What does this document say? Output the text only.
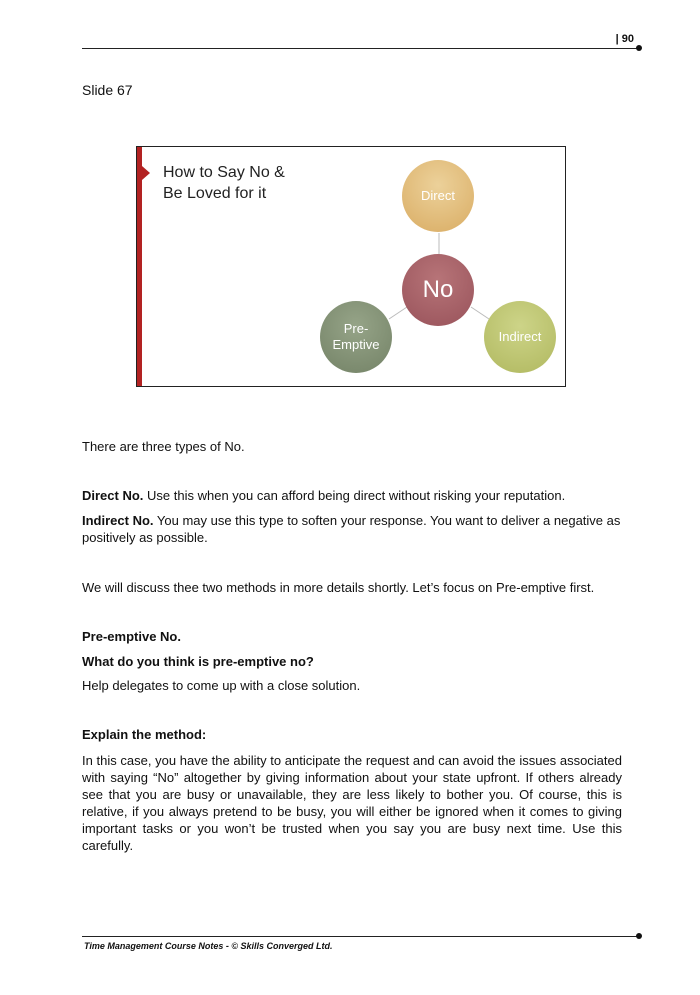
| 90
Slide 67
How to Say No &
Be Loved for it	Direct
No
Pre-
Emptive
Indirect
There are three types of No.
Direct No. Use this when you can afford being direct without risking your reputation.
Indirect No. You may use this type to soften your response. You want to deliver a negative as positively as possible.
We will discuss thee two methods in more details shortly. Let’s focus on Pre-emptive first.
Pre-emptive No.
What do you think is pre-emptive no?
Help delegates to come up with a close solution.
Explain the method:
In this case, you have the ability to anticipate the request and can avoid the issues associated with saying “No” altogether by giving information about your state upfront. If others already see that you are busy or unavailable, they are less likely to bother you. Of course, this is relative, if you always pretend to be busy, you will either be ignored when it comes to giving important tasks or you won’t be trusted when you say you are busy next time. Use this carefully.
Time Management Course Notes - © Skills Converged Ltd.
